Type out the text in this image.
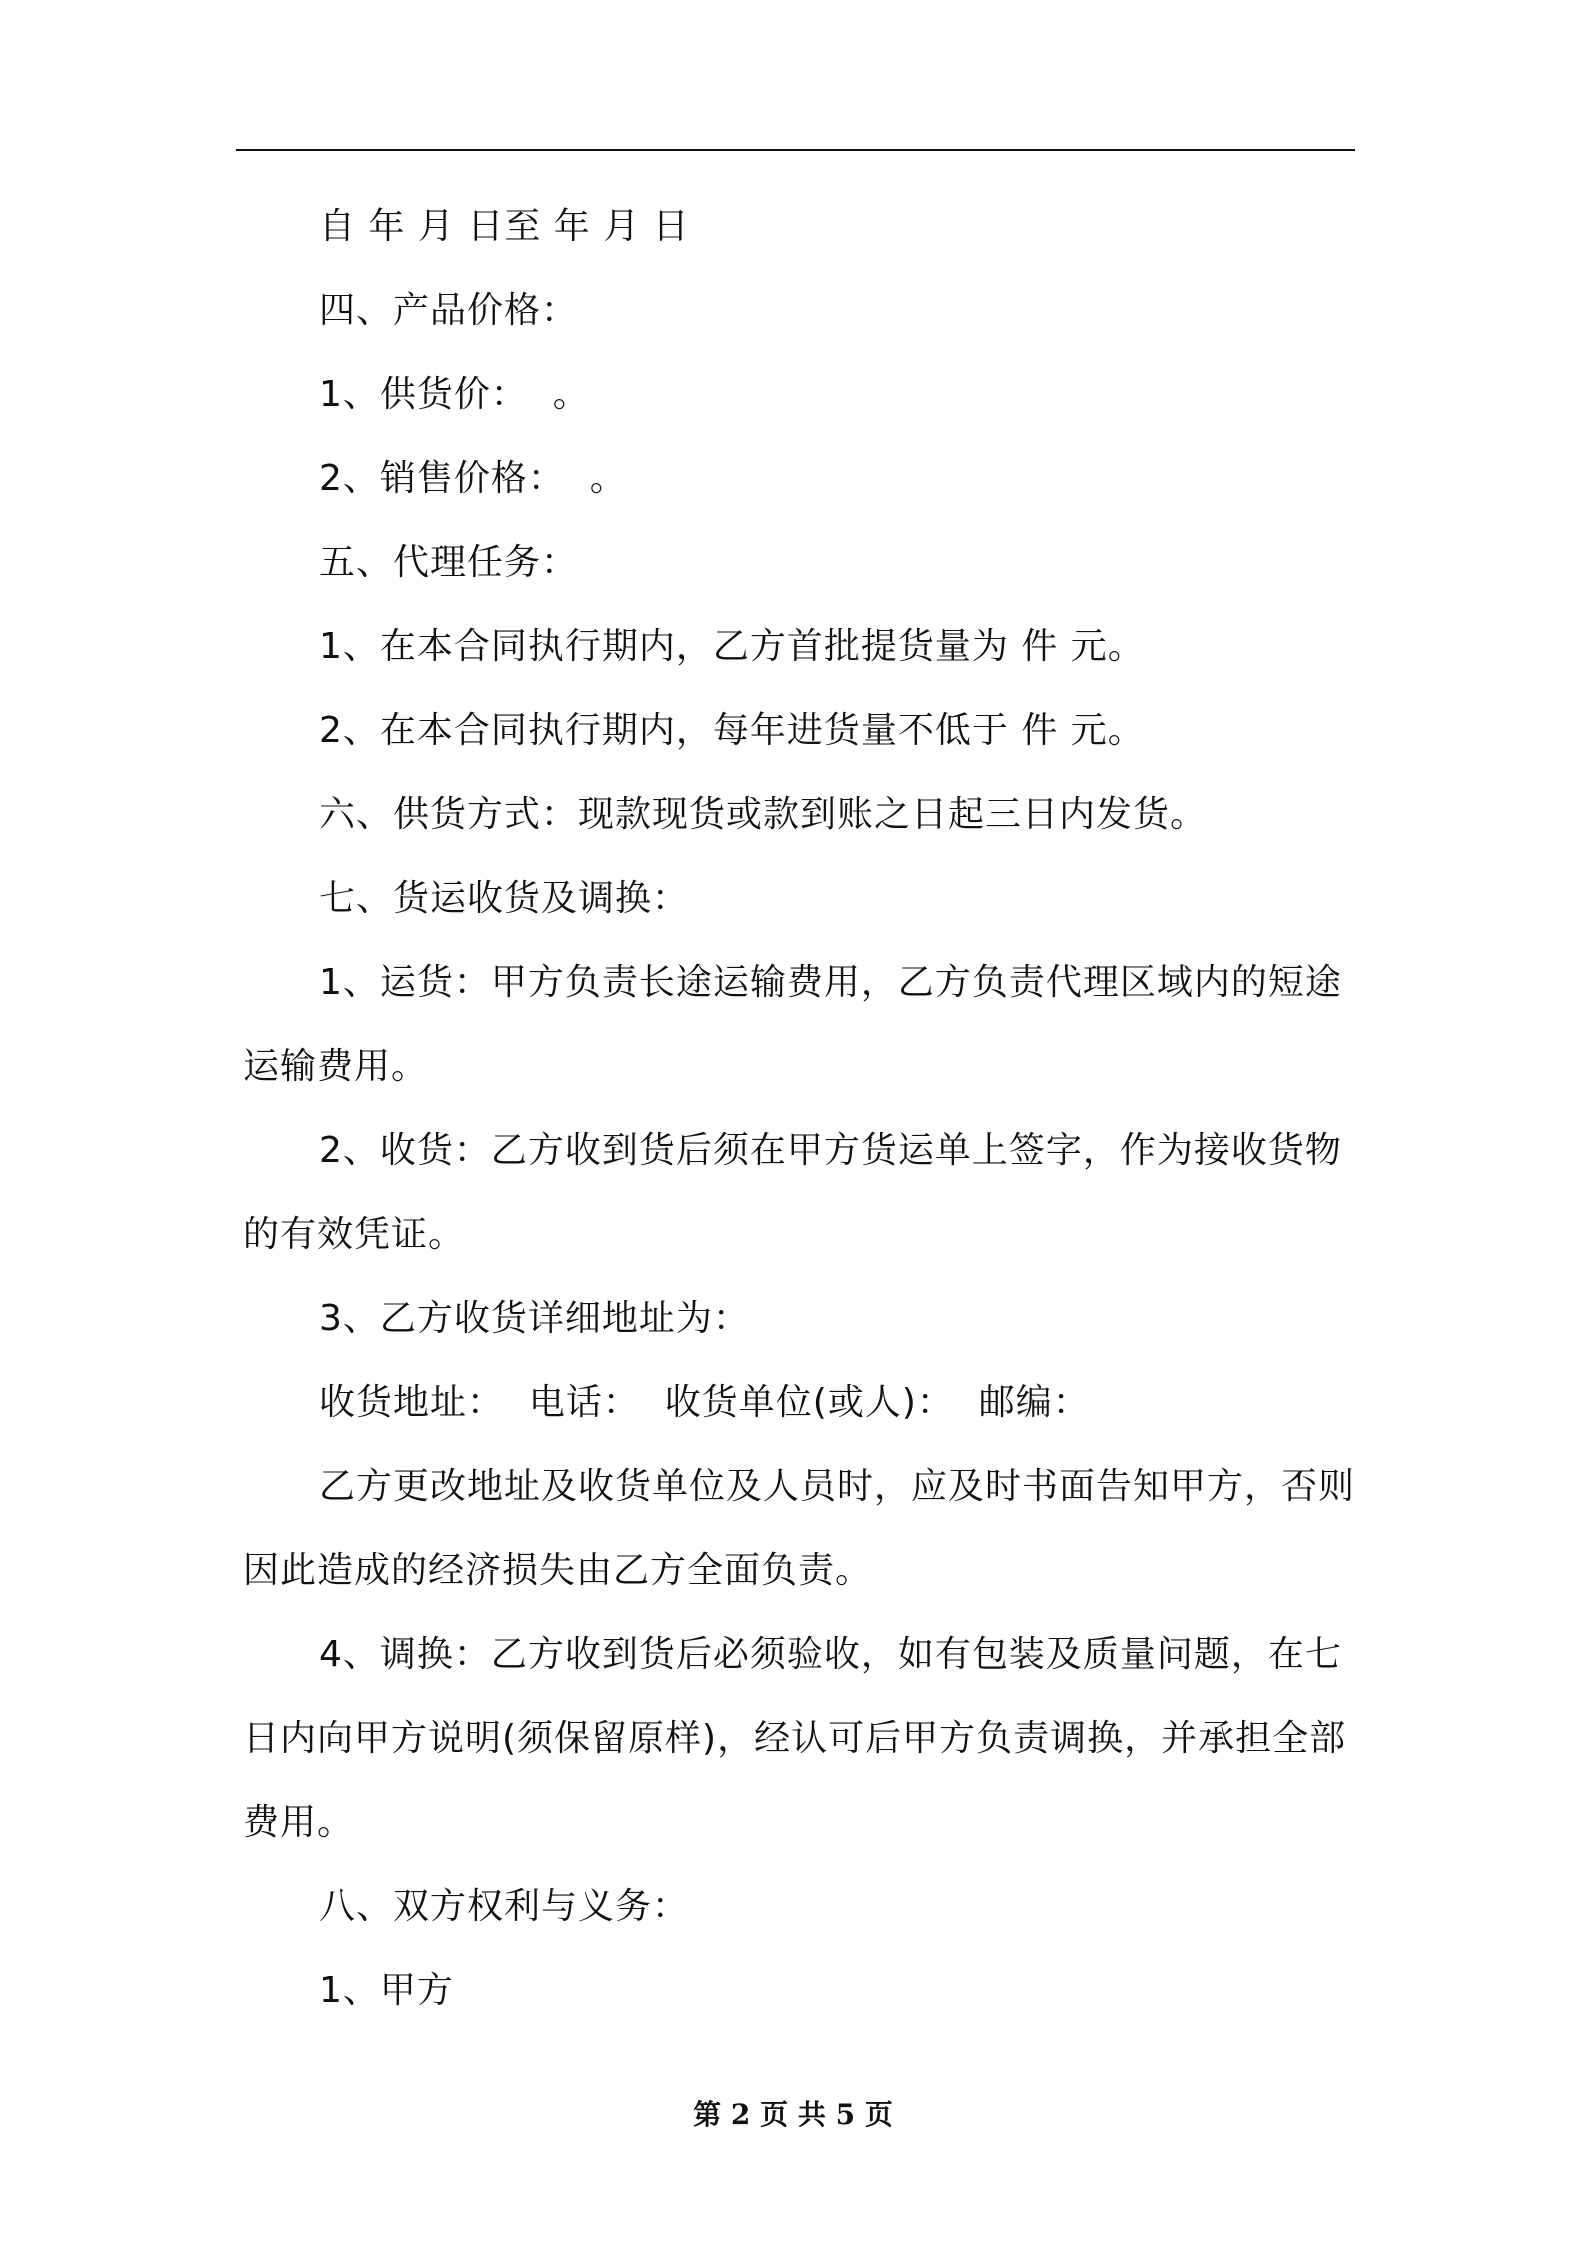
自 年 月 日至 年 月 日

四、产品价格：

1、供货价：  。

2、销售价格：  。

五、代理任务：

1、在本合同执行期内，乙方首批提货量为 件 元。

2、在本合同执行期内，每年进货量不低于 件 元。

六、供货方式：现款现货或款到账之日起三日内发货。

七、货运收货及调换：

1、运货：甲方负责长途运输费用，乙方负责代理区域内的短途运输费用。

2、收货：乙方收到货后须在甲方货运单上签字，作为接收货物的有效凭证。

3、乙方收货详细地址为：

收货地址：  电话：  收货单位(或人)：  邮编：

乙方更改地址及收货单位及人员时，应及时书面告知甲方，否则因此造成的经济损失由乙方全面负责。

4、调换：乙方收到货后必须验收，如有包装及质量问题，在七日内向甲方说明(须保留原样)，经认可后甲方负责调换，并承担全部费用。

八、双方权利与义务：

1、甲方

第 2 页 共 5 页
